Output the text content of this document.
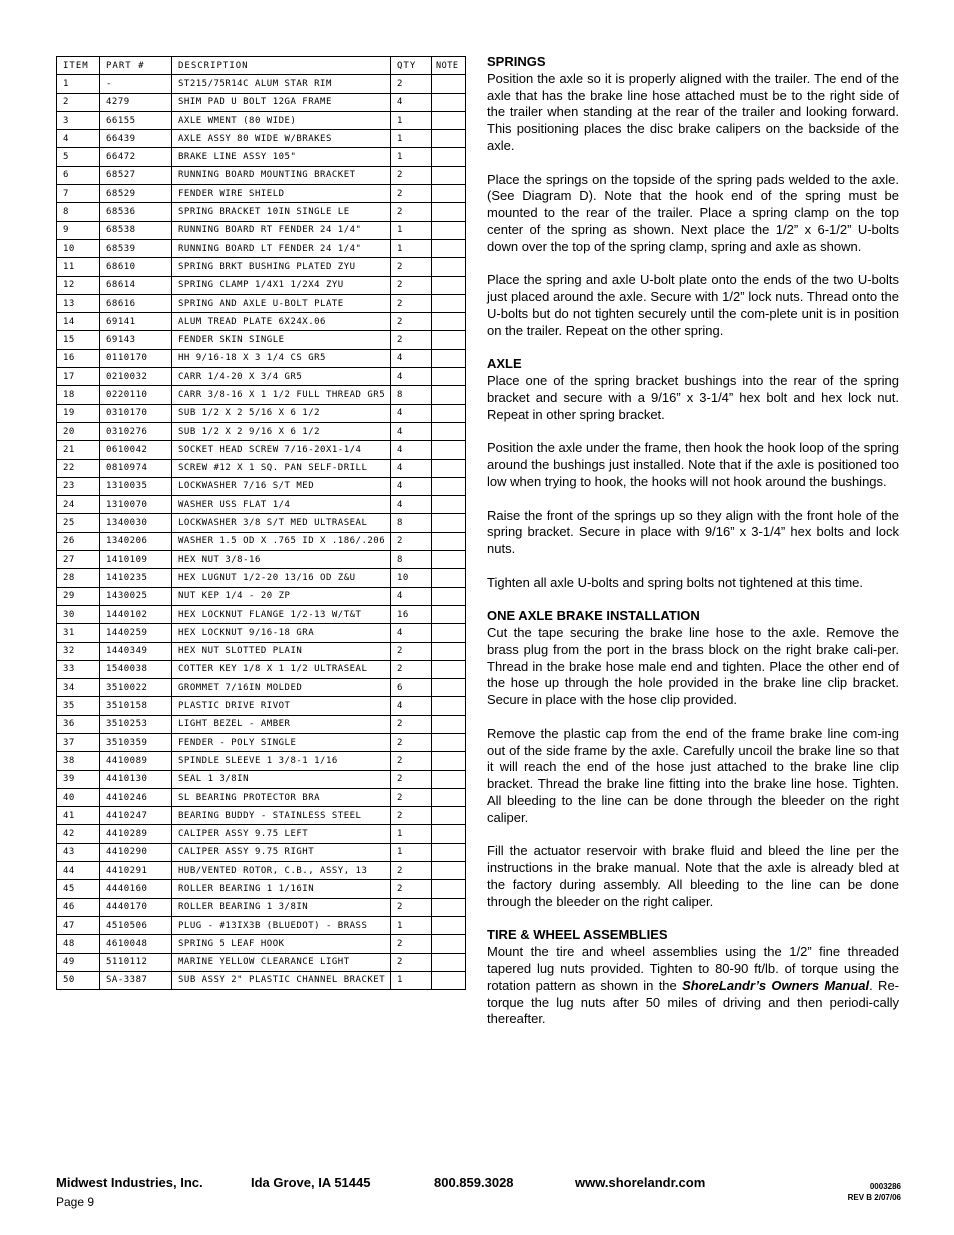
ITEM	PART #	DESCRIPTION	QTY	NOTE
1	-	ST215/75R14C ALUM STAR RIM	2	
2	4279	SHIM PAD U BOLT 12GA FRAME	4	
3	66155	AXLE WMENT (80 WIDE)	1	
4	66439	AXLE ASSY 80 WIDE W/BRAKES	1	
5	66472	BRAKE LINE ASSY 105"	1	
6	68527	RUNNING BOARD MOUNTING BRACKET	2	
7	68529	FENDER WIRE SHIELD	2	
8	68536	SPRING BRACKET 10IN SINGLE LE	2	
9	68538	RUNNING BOARD RT FENDER 24 1/4"	1	
10	68539	RUNNING BOARD LT FENDER 24 1/4"	1	
11	68610	SPRING BRKT BUSHING PLATED ZYU	2	
12	68614	SPRING CLAMP 1/4X1 1/2X4 ZYU	2	
13	68616	SPRING AND AXLE U-BOLT PLATE	2	
14	69141	ALUM TREAD PLATE 6X24X.06	2	
15	69143	FENDER SKIN SINGLE	2	
16	0110170	HH 9/16-18 X 3 1/4 CS GR5	4	
17	0210032	CARR 1/4-20 X 3/4 GR5	4	
18	0220110	CARR 3/8-16 X 1 1/2 FULL THREAD GR5	8	
19	0310170	SUB 1/2 X 2 5/16 X 6 1/2	4	
20	0310276	SUB 1/2 X 2 9/16 X 6 1/2	4	
21	0610042	SOCKET HEAD SCREW 7/16-20X1-1/4	4	
22	0810974	SCREW #12 X 1 SQ. PAN SELF-DRILL	4	
23	1310035	LOCKWASHER 7/16 S/T MED	4	
24	1310070	WASHER USS FLAT 1/4	4	
25	1340030	LOCKWASHER 3/8 S/T MED ULTRASEAL	8	
26	1340206	WASHER 1.5 OD X .765 ID X .186/.206	2	
27	1410109	HEX NUT 3/8-16	8	
28	1410235	HEX LUGNUT 1/2-20 13/16 OD Z&U	10	
29	1430025	NUT KEP 1/4 - 20 ZP	4	
30	1440102	HEX LOCKNUT FLANGE 1/2-13 W/T&T	16	
31	1440259	HEX LOCKNUT 9/16-18 GRA	4	
32	1440349	HEX NUT SLOTTED PLAIN	2	
33	1540038	COTTER KEY 1/8 X 1 1/2 ULTRASEAL	2	
34	3510022	GROMMET 7/16IN MOLDED	6	
35	3510158	PLASTIC DRIVE RIVOT	4	
36	3510253	LIGHT BEZEL - AMBER	2	
37	3510359	FENDER - POLY SINGLE	2	
38	4410089	SPINDLE SLEEVE 1 3/8-1 1/16	2	
39	4410130	SEAL 1 3/8IN	2	
40	4410246	SL BEARING PROTECTOR BRA	2	
41	4410247	BEARING BUDDY - STAINLESS STEEL	2	
42	4410289	CALIPER ASSY 9.75 LEFT	1	
43	4410290	CALIPER ASSY 9.75 RIGHT	1	
44	4410291	HUB/VENTED ROTOR, C.B., ASSY, 13	2	
45	4440160	ROLLER BEARING 1 1/16IN	2	
46	4440170	ROLLER BEARING 1 3/8IN	2	
47	4510506	PLUG - #13IX3B (BLUEDOT) - BRASS	1	
48	4610048	SPRING 5 LEAF HOOK	2	
49	5110112	MARINE YELLOW CLEARANCE LIGHT	2	
50	SA-3387	SUB ASSY 2" PLASTIC CHANNEL BRACKET	1	
SPRINGS

Position the axle so it is properly aligned with the trailer. The end of the axle that has the brake line hose attached must be to the right side of the trailer when standing at the rear of the trailer and looking forward. This positioning places the disc brake calipers on the backside of the axle.

Place the springs on the topside of the spring pads welded to the axle. (See Diagram D). Note that the hook end of the spring must be mounted to the rear of the trailer. Place a spring clamp on the top center of the spring as shown. Next place the 1/2” x 6-1/2” U-bolts down over the top of the spring clamp, spring and axle as shown.

Place the spring and axle U-bolt plate onto the ends of the two U-bolts just placed around the axle. Secure with 1/2” lock nuts. Thread onto the U-bolts but do not tighten securely until the com-plete unit is in position on the trailer. Repeat on the other spring.

AXLE

Place one of the spring bracket bushings into the rear of the spring bracket and secure with a 9/16” x 3-1/4” hex bolt and hex lock nut. Repeat in other spring bracket.

Position the axle under the frame, then hook the hook loop of the spring around the bushings just installed. Note that if the axle is positioned too low when trying to hook, the hooks will not hook around the bushings.

Raise the front of the springs up so they align with the front hole of the spring bracket. Secure in place with 9/16” x 3-1/4” hex bolts and lock nuts.

Tighten all axle U-bolts and spring bolts not tightened at this time.

ONE AXLE BRAKE INSTALLATION

Cut the tape securing the brake line hose to the axle. Remove the brass plug from the port in the brass block on the right brake cali-per. Thread in the brake hose male end and tighten. Place the other end of the hose up through the hole provided in the brake line clip bracket. Secure in place with the hose clip provided.

Remove the plastic cap from the end of the frame brake line com-ing out of the side frame by the axle. Carefully uncoil the brake line so that it will reach the end of the hose just attached to the brake line clip bracket. Thread the brake line fitting into the brake line hose. Tighten. All bleeding to the line can be done through the bleeder on the right caliper.

Fill the actuator reservoir with brake fluid and bleed the line per the instructions in the brake manual. Note that the axle is already bled at the factory during assembly. All bleeding to the line can be done through the bleeder on the right caliper.

TIRE & WHEEL ASSEMBLIES

Mount the tire and wheel assemblies using the 1/2” fine threaded tapered lug nuts provided. Tighten to 80-90 ft/lb. of torque using the rotation pattern as shown in the ShoreLandr’s Owners Manual. Re-torque the lug nuts after 50 miles of driving and then periodi-cally thereafter.

Midwest Industries, Inc.	Ida Grove, IA 51445	800.859.3028	www.shorelandr.com
Page 9
0003286
REV B 2/07/06
